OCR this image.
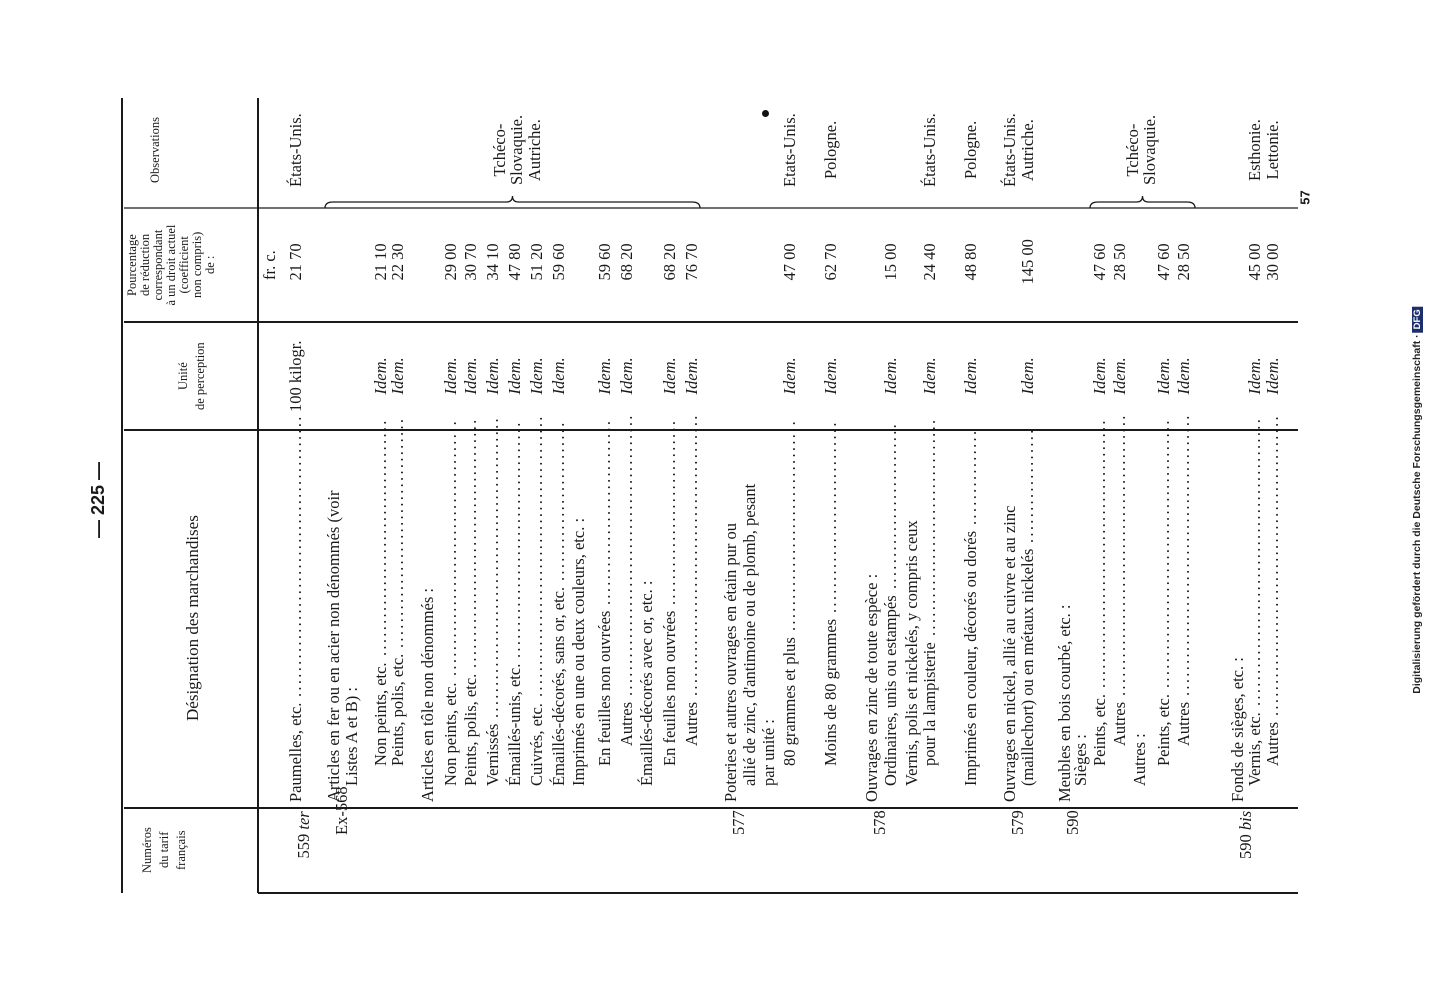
— 225 —
Numéros du tarif français
Unité de perception
Pourcentage de réduction correspondant à un droit actuel (coefficient non compris) de :
Désignation des marchandises
Observations
fr. c.
559 ter
Paumelles, etc.
............................................
100 kilogr.
21 70
États-Unis.
Ex-568
Articles en fer ou en acier non dénommés (voir Listes A et B) : Non peints, etc.
.....................................
Idem.
21 10
Peints, polis, etc.
....................................
Idem.
22 30
Articles en tôle non dénommés : Non peints, etc.
........................................
Idem.
29 00
Peints, polis, etc.
.......................................
Idem.
30 70
Vernissés
...............................................
Idem.
34 10
Émaillés-unis, etc.
.....................................
Idem.
47 80
Cuivrés, etc.
............................................
Idem.
51 20
Émaillés-décorés, sans or, etc.
.........................
Idem.
59 60
Imprimés en une ou deux couleurs, etc. : En feuilles non ouvrées
.............................
Idem.
59 60
Autres
............................................
Idem.
68 20
Émaillés-décorés avec or, etc. : En feuilles non ouvrées
.............................
Idem.
68 20
Autres
............................................
Idem.
76 70
577
Poteries et autres ouvrages en étain pur ou allié de zinc, d'antimoine ou de plomb, pesant par unité : 80 grammes et plus
.................................
Idem.
47 00
Etats-Unis.
Moins de 80 grammes
..............................
Idem.
62 70
Pologne.
578
Ouvrages en zinc de toute espèce : Ordinaires, unis ou estampés
..........................
Idem.
15 00
Vernis, polis et nickelés, y compris ceux pour la lampisterie
..................................
Idem.
24 40
États-Unis.
Imprimés en couleur, décorés ou dorés
...............
Idem.
48 80
Pologne.
579
Ouvrages en nickel, allié au cuivre et au zinc
États-Unis.
(maillechort) ou en métaux nickelés
..................
Idem.
145 00
Autriche.
590
Meubles en bois courbé, etc. :
Sièges : Peints, etc.
..........................................
Idem.
47 60
Autres
............................................
Idem.
28 50
Autres : Peints, etc.
..........................................
Idem.
47 60
Autres
............................................
Idem.
28 50
590 bis
Fonds de sièges, etc. :
Vernis, etc.
.............................................
Idem.
45 00
Esthonie.
Autres
...............................................
Idem.
30 00
Lettonie.
Tchéco-
Slovaquie. Autriche.	Tchéco-
Slovaquie.
57
Digitalisierung gefördert durch die Deutsche Forschungsgemeinschaft ·DFG
